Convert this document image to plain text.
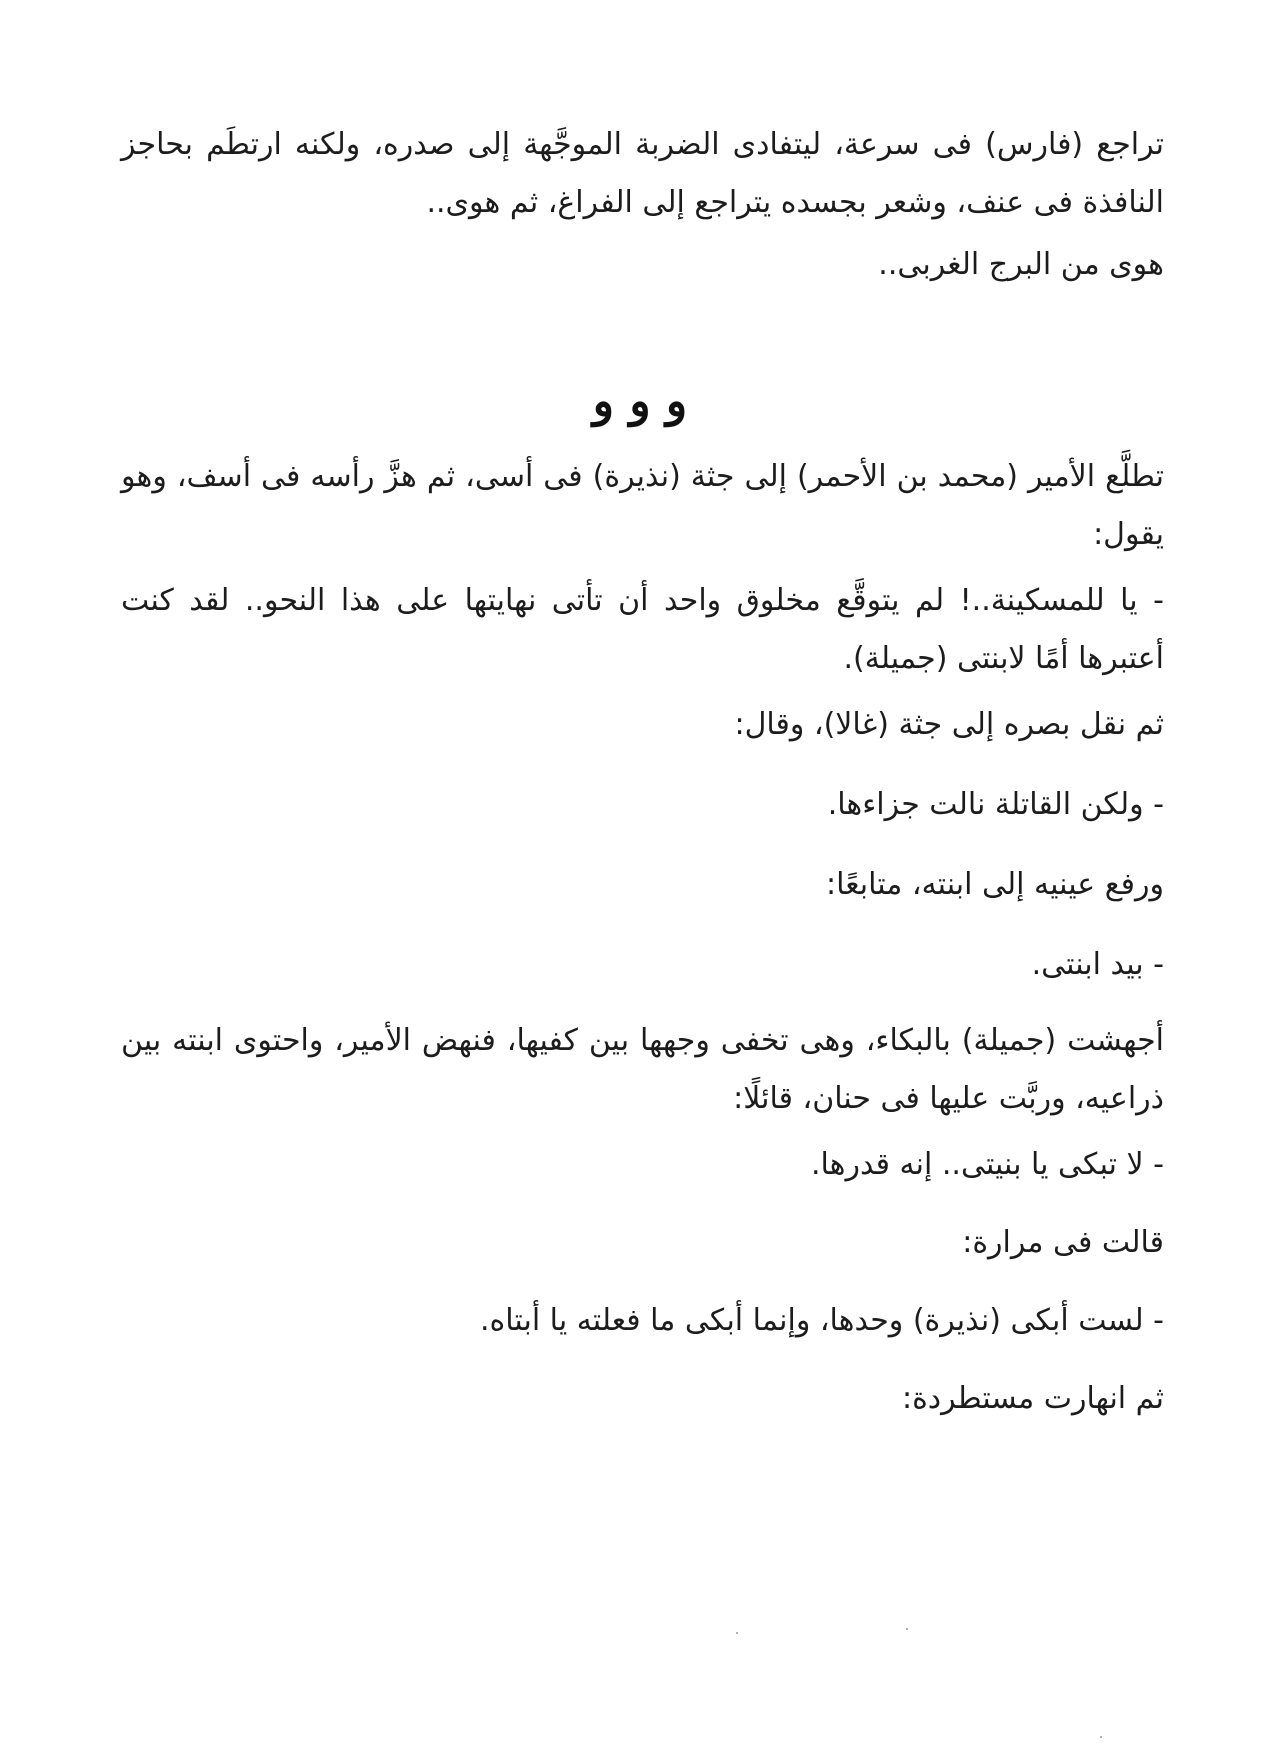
تراجع (فارس) فى سرعة، ليتفادى الضربة الموجَّهة إلى صدره، ولكنه ارتطَم بحاجز النافذة فى عنف، وشعر بجسده يتراجع إلى الفراغ، ثم هوى..

هوى من البرج الغربى..

و و و

تطلَّع الأمير (محمد بن الأحمر) إلى جثة (نذيرة) فى أسى، ثم هزَّ رأسه فى أسف، وهو يقول:

- يا للمسكينة..! لم يتوقَّع مخلوق واحد أن تأتى نهايتها على هذا النحو.. لقد كنت أعتبرها أمًا لابنتى (جميلة).

ثم نقل بصره إلى جثة (غالا)، وقال:

- ولكن القاتلة نالت جزاءها.

ورفع عينيه إلى ابنته، متابعًا:

- بيد ابنتى.

أجهشت (جميلة) بالبكاء، وهى تخفى وجهها بين كفيها، فنهض الأمير، واحتوى ابنته بين ذراعيه، وربَّت عليها فى حنان، قائلًا:

- لا تبكى يا بنيتى.. إنه قدرها.

قالت فى مرارة:

- لست أبكى (نذيرة) وحدها، وإنما أبكى ما فعلته يا أبتاه.

ثم انهارت مستطردة:
